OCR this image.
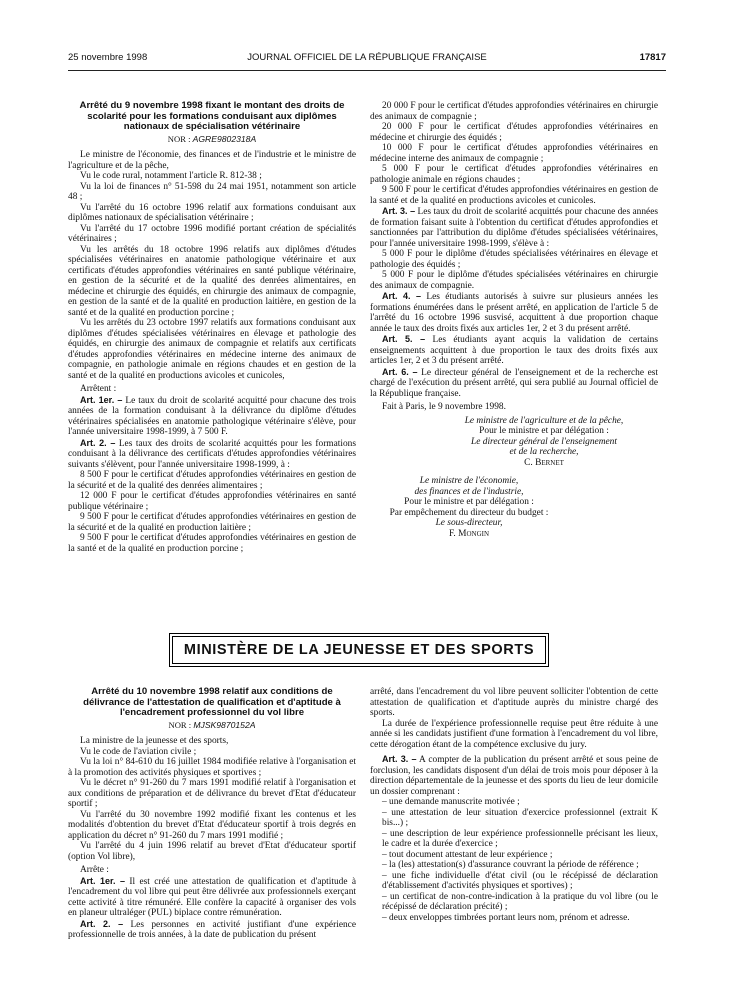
25 novembre 1998	JOURNAL OFFICIEL DE LA RÉPUBLIQUE FRANÇAISE	17817
Arrêté du 9 novembre 1998 fixant le montant des droits de scolarité pour les formations conduisant aux diplômes nationaux de spécialisation vétérinaire
NOR : AGRE9802318A

Le ministre de l'économie, des finances et de l'industrie et le ministre de l'agriculture et de la pêche,

Vu le code rural, notamment l'article R. 812-38 ;

Vu la loi de finances n° 51-598 du 24 mai 1951, notamment son article 48 ;

Vu l'arrêté du 16 octobre 1996 relatif aux formations conduisant aux diplômes nationaux de spécialisation vétérinaire ;

Vu l'arrêté du 17 octobre 1996 modifié portant création de spécialités vétérinaires ;

Vu les arrêtés du 18 octobre 1996 relatifs aux diplômes d'études spécialisées vétérinaires en anatomie pathologique vétérinaire et aux certificats d'études approfondies vétérinaires en santé publique vétérinaire, en gestion de la sécurité et de la qualité des denrées alimentaires, en médecine et chirurgie des équidés, en chirurgie des animaux de compagnie, en gestion de la santé et de la qualité en production laitière, en gestion de la santé et de la qualité en production porcine ;

Vu les arrêtés du 23 octobre 1997 relatifs aux formations conduisant aux diplômes d'études spécialisées vétérinaires en élevage et pathologie des équidés, en chirurgie des animaux de compagnie et relatifs aux certificats d'études approfondies vétérinaires en médecine interne des animaux de compagnie, en pathologie animale en régions chaudes et en gestion de la santé et de la qualité en productions avicoles et cunicoles,

Arrêtent :

Art. 1er. – Le taux du droit de scolarité acquitté pour chacune des trois années de la formation conduisant à la délivrance du diplôme d'études vétérinaires spécialisées en anatomie pathologique vétérinaire s'élève, pour l'année universitaire 1998-1999, à 7 500 F.

Art. 2. – Les taux des droits de scolarité acquittés pour les formations conduisant à la délivrance des certificats d'études approfondies vétérinaires suivants s'élèvent, pour l'année universitaire 1998-1999, à :

8 500 F pour le certificat d'études approfondies vétérinaires en gestion de la sécurité et de la qualité des denrées alimentaires ;

12 000 F pour le certificat d'études approfondies vétérinaires en santé publique vétérinaire ;

9 500 F pour le certificat d'études approfondies vétérinaires en gestion de la sécurité et de la qualité en production laitière ;

9 500 F pour le certificat d'études approfondies vétérinaires en gestion de la santé et de la qualité en production porcine ;

20 000 F pour le certificat d'études approfondies vétérinaires en chirurgie des animaux de compagnie ;

20 000 F pour le certificat d'études approfondies vétérinaires en médecine et chirurgie des équidés ;

10 000 F pour le certificat d'études approfondies vétérinaires en médecine interne des animaux de compagnie ;

5 000 F pour le certificat d'études approfondies vétérinaires en pathologie animale en régions chaudes ;

9 500 F pour le certificat d'études approfondies vétérinaires en gestion de la santé et de la qualité en productions avicoles et cunicoles.

Art. 3. – Les taux du droit de scolarité acquittés pour chacune des années de formation faisant suite à l'obtention du certificat d'études approfondies et sanctionnées par l'attribution du diplôme d'études spécialisées vétérinaires, pour l'année universitaire 1998-1999, s'élève à :

5 000 F pour le diplôme d'études spécialisées vétérinaires en élevage et pathologie des équidés ;

5 000 F pour le diplôme d'études spécialisées vétérinaires en chirurgie des animaux de compagnie.

Art. 4. – Les étudiants autorisés à suivre sur plusieurs années les formations énumérées dans le présent arrêté, en application de l'article 5 de l'arrêté du 16 octobre 1996 susvisé, acquittent à due proportion chaque année le taux des droits fixés aux articles 1er, 2 et 3 du présent arrêté.

Art. 5. – Les étudiants ayant acquis la validation de certains enseignements acquittent à due proportion le taux des droits fixés aux articles 1er, 2 et 3 du présent arrêté.

Art. 6. – Le directeur général de l'enseignement et de la recherche est chargé de l'exécution du présent arrêté, qui sera publié au Journal officiel de la République française.

Fait à Paris, le 9 novembre 1998.

Le ministre de l'agriculture et de la pêche,

Pour le ministre et par délégation :

Le directeur général de l'enseignement

et de la recherche,

C. Bernet

Le ministre de l'économie,

des finances et de l'industrie,

Pour le ministre et par délégation :

Par empêchement du directeur du budget :

Le sous-directeur,

F. Mongin

MINISTÈRE DE LA JEUNESSE ET DES SPORTS
Arrêté du 10 novembre 1998 relatif aux conditions de délivrance de l'attestation de qualification et d'aptitude à l'encadrement professionnel du vol libre
NOR : MJSK9870152A

La ministre de la jeunesse et des sports,

Vu le code de l'aviation civile ;

Vu la loi n° 84-610 du 16 juillet 1984 modifiée relative à l'organisation et à la promotion des activités physiques et sportives ;

Vu le décret n° 91-260 du 7 mars 1991 modifié relatif à l'organisation et aux conditions de préparation et de délivrance du brevet d'Etat d'éducateur sportif ;

Vu l'arrêté du 30 novembre 1992 modifié fixant les contenus et les modalités d'obtention du brevet d'Etat d'éducateur sportif à trois degrés en application du décret n° 91-260 du 7 mars 1991 modifié ;

Vu l'arrêté du 4 juin 1996 relatif au brevet d'Etat d'éducateur sportif (option Vol libre),

Arrête :

Art. 1er. – Il est créé une attestation de qualification et d'aptitude à l'encadrement du vol libre qui peut être délivrée aux professionnels exerçant cette activité à titre rémunéré. Elle confère la capacité à organiser des vols en planeur ultraléger (PUL) biplace contre rémunération.

Art. 2. – Les personnes en activité justifiant d'une expérience professionnelle de trois années, à la date de publication du présent

arrêté, dans l'encadrement du vol libre peuvent solliciter l'obtention de cette attestation de qualification et d'aptitude auprès du ministre chargé des sports.

La durée de l'expérience professionnelle requise peut être réduite à une année si les candidats justifient d'une formation à l'encadrement du vol libre, cette dérogation étant de la compétence exclusive du jury.

Art. 3. – A compter de la publication du présent arrêté et sous peine de forclusion, les candidats disposent d'un délai de trois mois pour déposer à la direction départementale de la jeunesse et des sports du lieu de leur domicile un dossier comprenant :

– une demande manuscrite motivée ;

– une attestation de leur situation d'exercice professionnel (extrait K bis...) ;

– une description de leur expérience professionnelle précisant les lieux, le cadre et la durée d'exercice ;

– tout document attestant de leur expérience ;

– la (les) attestation(s) d'assurance couvrant la période de référence ;

– une fiche individuelle d'état civil (ou le récépissé de déclaration d'établissement d'activités physiques et sportives) ;

– un certificat de non-contre-indication à la pratique du vol libre (ou le récépissé de déclaration précité) ;

– deux enveloppes timbrées portant leurs nom, prénom et adresse.
